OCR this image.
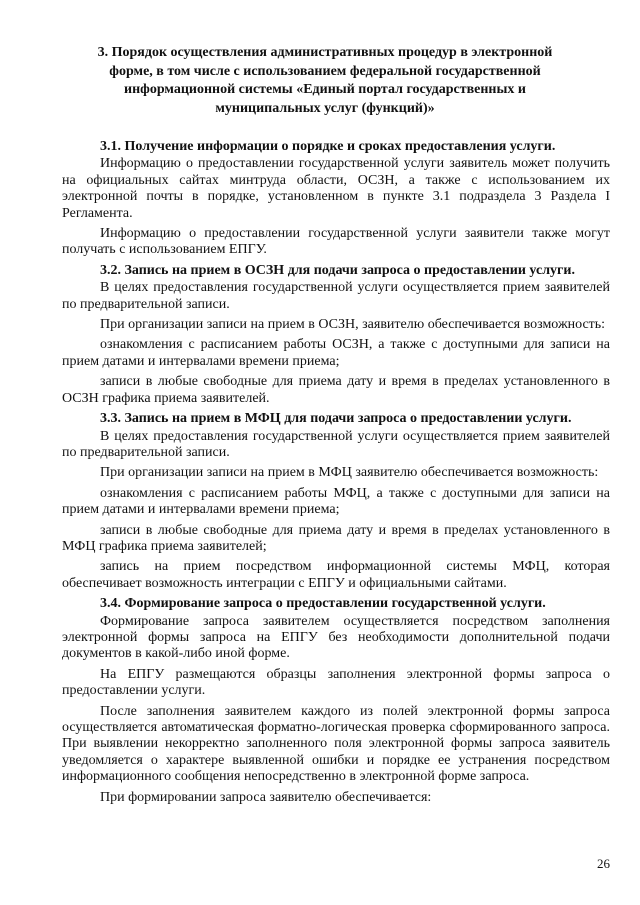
3. Порядок осуществления административных процедур в электронной форме, в том числе с использованием федеральной государственной информационной системы «Единый портал государственных и муниципальных услуг (функций)»
3.1. Получение информации о порядке и сроках предоставления услуги.
Информацию о предоставлении государственной услуги заявитель может получить на официальных сайтах минтруда области, ОСЗН, а также с использованием их электронной почты в порядке, установленном в пункте 3.1 подраздела 3 Раздела I Регламента.
Информацию о предоставлении государственной услуги заявители также могут получать с использованием ЕПГУ.
3.2. Запись на прием в ОСЗН для подачи запроса о предоставлении услуги.
В целях предоставления государственной услуги осуществляется прием заявителей по предварительной записи.
При организации записи на прием в ОСЗН, заявителю обеспечивается возможность:
ознакомления с расписанием работы ОСЗН, а также с доступными для записи на прием датами и интервалами времени приема;
записи в любые свободные для приема дату и время в пределах установленного в ОСЗН графика приема заявителей.
3.3. Запись на прием в МФЦ для подачи запроса о предоставлении услуги.
В целях предоставления государственной услуги осуществляется прием заявителей по предварительной записи.
При организации записи на прием в МФЦ заявителю обеспечивается возможность:
ознакомления с расписанием работы МФЦ, а также с доступными для записи на прием датами и интервалами времени приема;
записи в любые свободные для приема дату и время в пределах установленного в МФЦ графика приема заявителей;
запись на прием посредством информационной системы МФЦ, которая обеспечивает возможность интеграции с ЕПГУ и официальными сайтами.
3.4. Формирование запроса о предоставлении государственной услуги.
Формирование запроса заявителем осуществляется посредством заполнения электронной формы запроса на ЕПГУ без необходимости дополнительной подачи документов в какой-либо иной форме.
На ЕПГУ размещаются образцы заполнения электронной формы запроса о предоставлении услуги.
После заполнения заявителем каждого из полей электронной формы запроса осуществляется автоматическая форматно-логическая проверка сформированного запроса. При выявлении некорректно заполненного поля электронной формы запроса заявитель уведомляется о характере выявленной ошибки и порядке ее устранения посредством информационного сообщения непосредственно в электронной форме запроса.
При формировании запроса заявителю обеспечивается:
26
